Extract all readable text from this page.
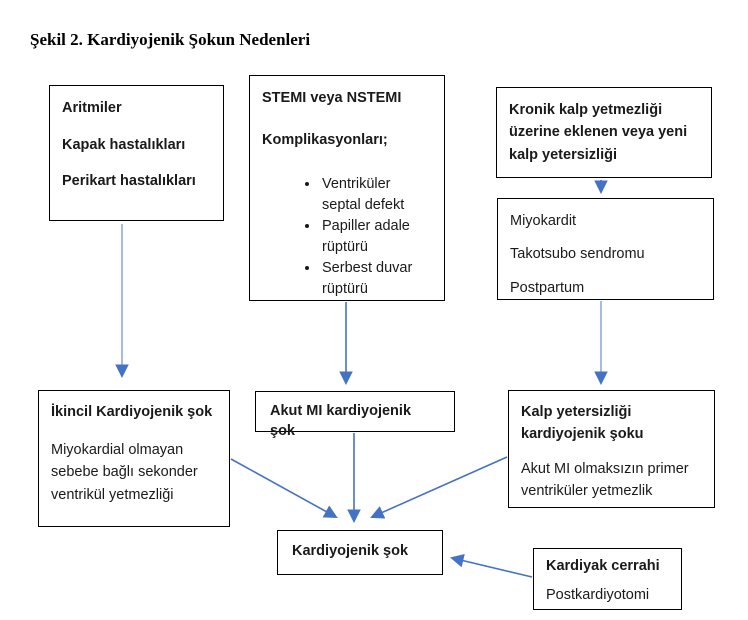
Şekil 2. Kardiyojenik Şokun Nedenleri

Aritmiler

Kapak hastalıkları

Perikart hastalıkları

STEMI veya NSTEMI

Komplikasyonları;

• Ventriküler septal defekt
• Papiller adale rüptürü
• Serbest duvar rüptürü

Kronik kalp yetmezliği üzerine eklenen veya yeni kalp yetersizliği

Miyokardit

Takotsubo sendromu

Postpartum

İkincil Kardiyojenik şok

Miyokardial olmayan sebebe bağlı sekonder ventrikül yetmezliği

Akut MI kardiyojenik şok

Kalp yetersizliği kardiyojenik şoku

Akut MI olmaksızın primer ventriküler yetmezlik

Kardiyojenik şok

Kardiyak cerrahi

Postkardiyotomi
